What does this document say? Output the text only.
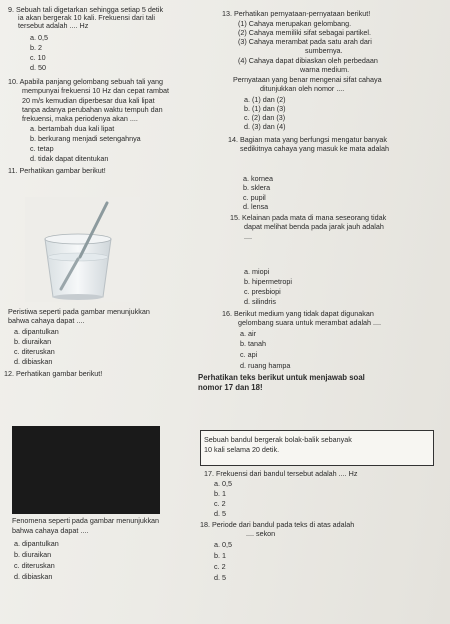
9. Sebuah tali digetarkan sehingga setiap 5 detik
ia akan bergerak 10 kali. Frekuensi dari tali
tersebut adalah .... Hz
a. 0,5
b. 2
c. 10
d. 50
10. Apabila panjang gelombang sebuah tali yang
mempunyai frekuensi 10 Hz dan cepat rambat
20 m/s kemudian diperbesar dua kali lipat
tanpa adanya perubahan waktu tempuh dan
frekuensi, maka periodenya akan ....
a. bertambah dua kali lipat
b. berkurang menjadi setengahnya
c. tetap
d. tidak dapat ditentukan
11. Perhatikan gambar berikut!
Peristiwa seperti pada gambar menunjukkan
bahwa cahaya dapat ....
a. dipantulkan
b. diuraikan
c. diteruskan
d. dibiaskan
12. Perhatikan gambar berikut!
Fenomena seperti pada gambar menunjukkan
bahwa cahaya dapat ....
a. dipantulkan
b. diuraikan
c. diteruskan
d. dibiaskan
13. Perhatikan pernyataan-pernyataan berikut!
(1) Cahaya merupakan gelombang.
(2) Cahaya memiliki sifat sebagai partikel.
(3) Cahaya merambat pada satu arah dari
sumbernya.
(4) Cahaya dapat dibiaskan oleh perbedaan
warna medium.
Pernyataan yang benar mengenai sifat cahaya
ditunjukkan oleh nomor ....
a. (1) dan (2)
b. (1) dan (3)
c. (2) dan (3)
d. (3) dan (4)
14. Bagian mata yang berfungsi mengatur banyak
sedikitnya cahaya yang masuk ke mata adalah
a. kornea
b. sklera
c. pupil
d. lensa
15. Kelainan pada mata di mana seseorang tidak
dapat melihat benda pada jarak jauh adalah
....
a. miopi
b. hipermetropi
c. presbiopi
d. silindris
16. Berikut medium yang tidak dapat digunakan
gelombang suara untuk merambat adalah ....
a. air
b. tanah
c. api
d. ruang hampa
Perhatikan teks berikut untuk menjawab soal
nomor 17 dan 18!
Sebuah bandul bergerak bolak-balik sebanyak
10 kali selama 20 detik.
17. Frekuensi dari bandul tersebut adalah .... Hz
a. 0,5
b. 1
c. 2
d. 5
18. Periode dari bandul pada teks di atas adalah
.... sekon
a. 0,5
b. 1
c. 2
d. 5
